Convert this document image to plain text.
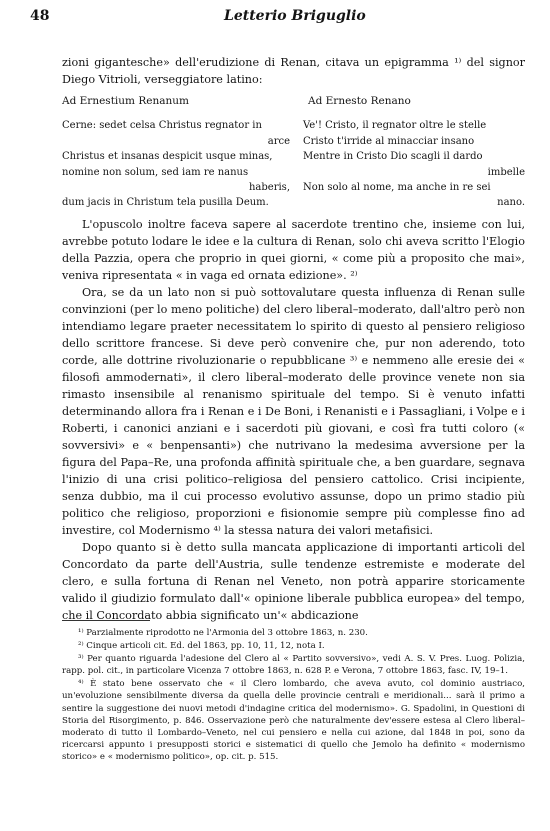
48	Letterio Briguglio

zioni gigantesche» dell'erudizione di Renan, citava un epigramma ¹⁾ del signor Diego Vitrioli, verseggiatore latino:

Ad Ernestium Renanum
Cerne: sedet celsa Christus regnator in
arce
Christus et insanas despicit usque minas,
nomine non solum, sed iam re nanus
haberis,
dum jacis in Christum tela pusilla Deum.
Ad Ernesto Renano
Ve'! Cristo, il regnator oltre le stelle
Cristo t'irride al minacciar insano
Mentre in Cristo Dio scagli il dardo
imbelle
Non solo al nome, ma anche in re sei
nano.

L'opuscolo inoltre faceva sapere al sacerdote trentino che, insieme con lui, avrebbe potuto lodare le idee e la cultura di Renan, solo chi aveva scritto l'Elogio della Pazzia, opera che proprio in quei giorni, « come più a proposito che mai», veniva ripresentata « in vaga ed ornata edizione». ²⁾

Ora, se da un lato non si può sottovalutare questa influenza di Renan sulle convinzioni (per lo meno politiche) del clero liberal–moderato, dall'altro però non intendiamo legare praeter necessitatem lo spirito di questo al pensiero religioso dello scrittore francese. Si deve però convenire che, pur non aderendo, toto corde, alle dottrine rivoluzionarie o repubblicane ³⁾ e nemmeno alle eresie dei « filosofi ammodernati», il clero liberal–moderato delle province venete non sia rimasto insensibile al renanismo spirituale del tempo. Si è venuto infatti determinando allora fra i Renan e i De Boni, i Renanisti e i Passagliani, i Volpe e i Roberti, i canonici anziani e i sacerdoti più giovani, e così fra tutti coloro (« sovversivi» e « benpensanti») che nutrivano la medesima avversione per la figura del Papa–Re, una profonda affinità spirituale che, a ben guardare, segnava l'inizio di una crisi politico–religiosa del pensiero cattolico. Crisi incipiente, senza dubbio, ma il cui processo evolutivo assunse, dopo un primo stadio più politico che religioso, proporzioni e fisionomie sempre più complesse fino ad investire, col Modernismo ⁴⁾ la stessa natura dei valori metafisici.

Dopo quanto si è detto sulla mancata applicazione di importanti articoli del Concordato da parte dell'Austria, sulle tendenze estremiste e moderate del clero, e sulla fortuna di Renan nel Veneto, non potrà apparire storicamente valido il giudizio formulato dall'« opinione liberale pubblica europea» del tempo, che il Concordato abbia significato un'« abdicazione

¹⁾ Parzialmente riprodotto ne l'Armonia del 3 ottobre 1863, n. 230.

²⁾ Cinque articoli cit. Ed. del 1863, pp. 10, 11, 12, nota I.

³⁾ Per quanto riguarda l'adesione del Clero al « Partito sovversivo», vedi A. S. V. Pres. Luog. Polizia, rapp. pol. cit., in particolare Vicenza 7 ottobre 1863, n. 628 P. e Verona, 7 ottobre 1863, fasc. IV, 19–1.

⁴⁾ È stato bene osservato che « il Clero lombardo, che aveva avuto, col dominio austriaco, un'evoluzione sensibilmente diversa da quella delle provincie centrali e meridionali... sarà il primo a sentire la suggestione dei nuovi metodi d'indagine critica del modernismo». G. Spadolini, in Questioni di Storia del Risorgimento, p. 846. Osservazione però che naturalmente dev'essere estesa al Clero liberal–moderato di tutto il Lombardo–Veneto, nel cui pensiero e nella cui azione, dal 1848 in poi, sono da ricercarsi appunto i presupposti storici e sistematici di quello che Jemolo ha definito « modernismo storico» e « modernismo politico», op. cit. p. 515.
